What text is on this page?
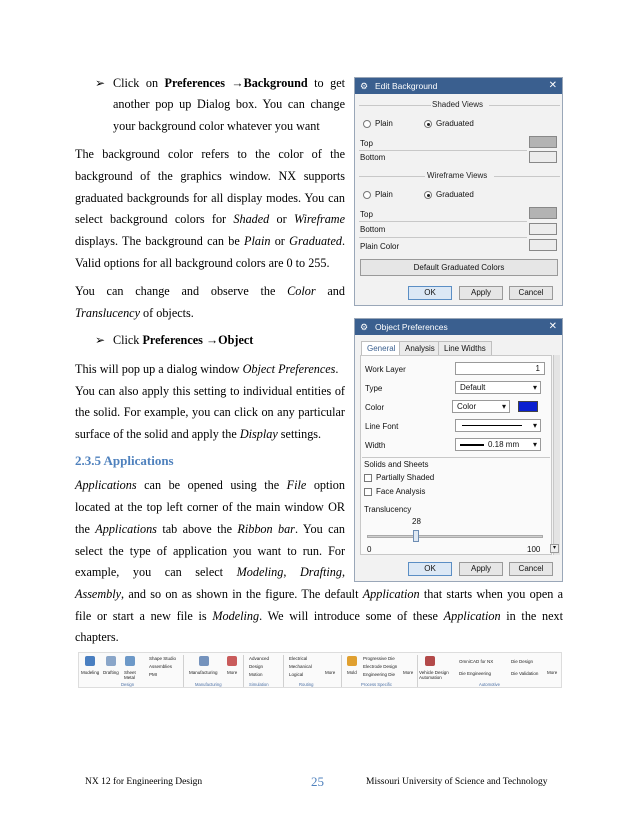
➢ Click on Preferences →Background to get
another pop up Dialog box. You can change
your background color whatever you want
The background color refers to the color of the
background of the graphics window. NX supports
graduated backgrounds for all display modes. You can
select background colors for Shaded or Wireframe
displays. The background can be Plain or Graduated.
Valid options for all background colors are 0 to 255.
You can change and observe the Color and
Translucency of objects.
➢ Click Preferences →Object
This will pop up a dialog window Object Preferences.
You can also apply this setting to individual entities of
the solid. For example, you can click on any particular
surface of the solid and apply the Display settings.
2.3.5 Applications
Applications can be opened using the File option
located at the top left corner of the main window OR
the Applications tab above the Ribbon bar. You can
select the type of application you want to run. For
example, you can select Modeling, Drafting,
Assembly, and so on as shown in the figure. The default Application that starts when you open a
file or start a new file is Modeling. We will introduce some of these Application in the next
chapters.
⚙ Edit Background	✕
Shaded Views
Plain	Graduated
Top
Bottom
Wireframe Views
Plain	Graduated
Top
Bottom
Plain Color
Default Graduated Colors
OK	Apply	Cancel
⚙ Object Preferences	✕
General	Analysis	Line Widths
Work Layer	1
Type	Default	▾
Color	Color	▾
Line Font	▾
Width	0.18 mm ▾
Solids and Sheets
Partially Shaded
Face Analysis
Translucency
28
0	100	▾
OK	Apply	Cancel
Modeling Drafting Sheet
Metal
Shape Studio
Assemblies
PMI
Design
Manufacturing More
Manufacturing
Advanced
Design
Motion
Simulation
Electrical
Mechanical
Logical	More
Routing
Mold
Progressive Die
Electrode Design
Engineering Die More
Process Specific
Vehicle Design
Automation
OmniCAD for NX
Die Engineering
Die Design
Die Validation More
Automotive
NX 12 for Engineering Design	25	Missouri University of Science and Technology
